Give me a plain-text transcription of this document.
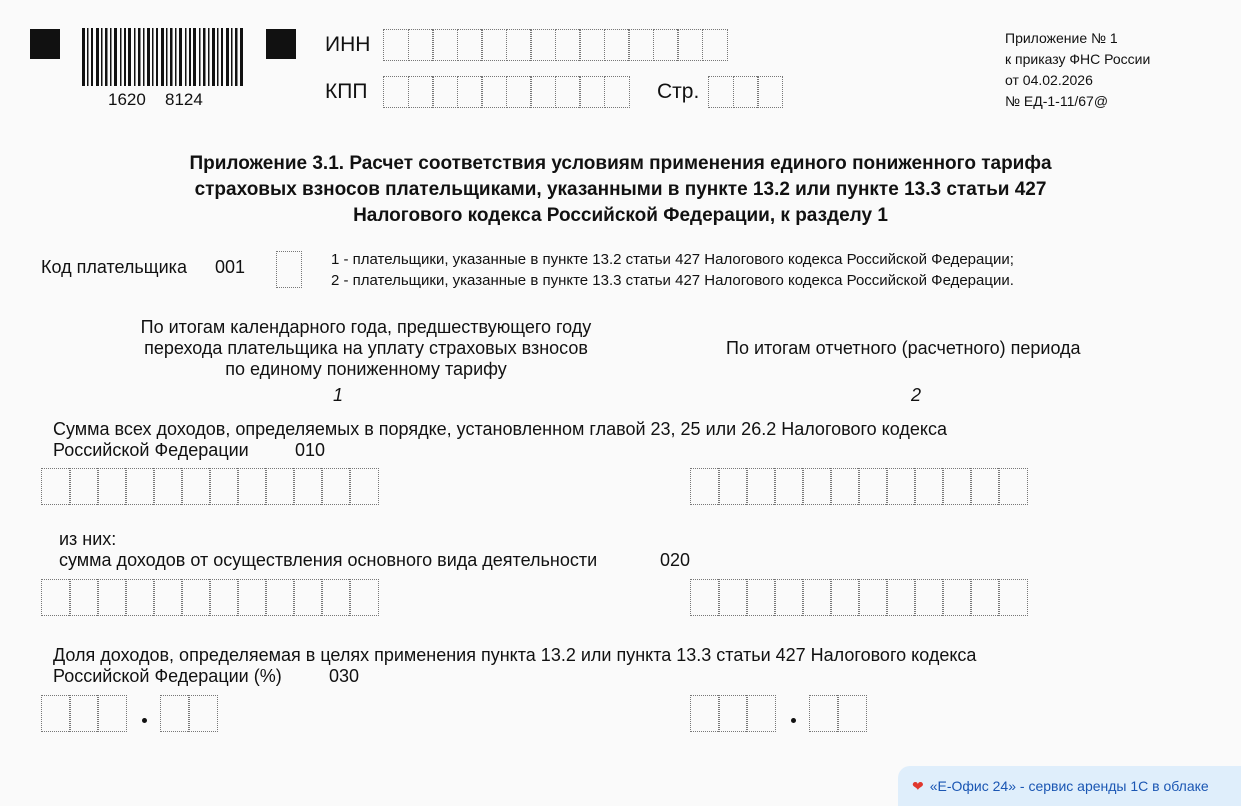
1620 8124
ИНН
КПП	Стр.
Приложение № 1
к приказу ФНС России
от 04.02.2026
№ ЕД-1-11/67@
Приложение 3.1. Расчет соответствия условиям применения единого пониженного тарифа
страховых взносов плательщиками, указанными в пункте 13.2 или пункте 13.3 статьи 427
Налогового кодекса Российской Федерации, к разделу 1
Код плательщика 001	1 - плательщики, указанные в пункте 13.2 статьи 427 Налогового кодекса Российской Федерации;
2 - плательщики, указанные в пункте 13.3 статьи 427 Налогового кодекса Российской Федерации.
По итогам календарного года, предшествующего году
перехода плательщика на уплату страховых взносов
по единому пониженному тарифу
По итогам отчетного (расчетного) периода
1	2
Сумма всех доходов, определяемых в порядке, установленном главой 23, 25 или 26.2 Налогового кодекса
Российской Федерации	010
из них:
сумма доходов от осуществления основного вида деятельности	020
Доля доходов, определяемая в целях применения пункта 13.2 или пункта 13.3 статьи 427 Налогового кодекса
Российской Федерации (%)	030
❤ «Е-Офис 24» - сервис аренды 1С в облаке
